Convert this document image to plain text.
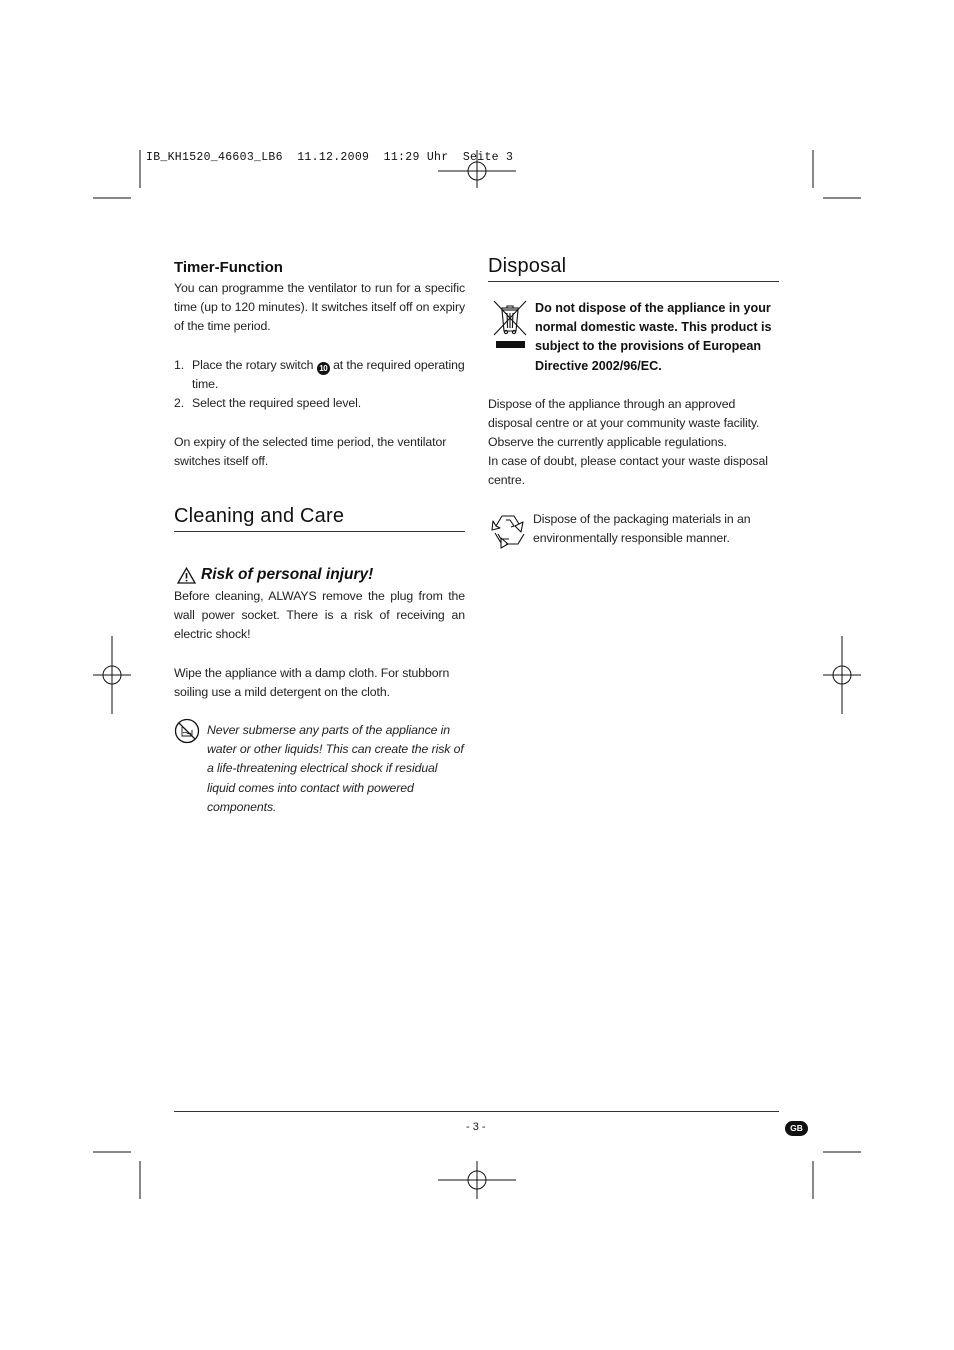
IB_KH1520_46603_LB6  11.12.2009  11:29 Uhr  Seite 3
Timer-Function

You can programme the ventilator to run for a specific time (up to 120 minutes). It switches itself off on expiry of the time period.

1. Place the rotary switch 10 at the required operating time.
2. Select the required speed level.

On expiry of the selected time period, the ventilator switches itself off.

Cleaning and Care
Risk of personal injury!

Before cleaning, ALWAYS remove the plug from the wall power socket. There is a risk of receiving an electric shock!

Wipe the appliance with a damp cloth. For stubborn soiling use a mild detergent on the cloth.

Never submerse any parts of the appliance in water or other liquids! This can create the risk of a life-threatening electrical shock if residual liquid comes into contact with powered components.

Disposal

Do not dispose of the appliance in your normal domestic waste. This product is subject to the provisions of European Directive 2002/96/EC.

Dispose of the appliance through an approved disposal centre or at your community waste facility. Observe the currently applicable regulations.

In case of doubt, please contact your waste disposal centre.

Dispose of the packaging materials in an environmentally responsible manner.

- 3 -	GB
